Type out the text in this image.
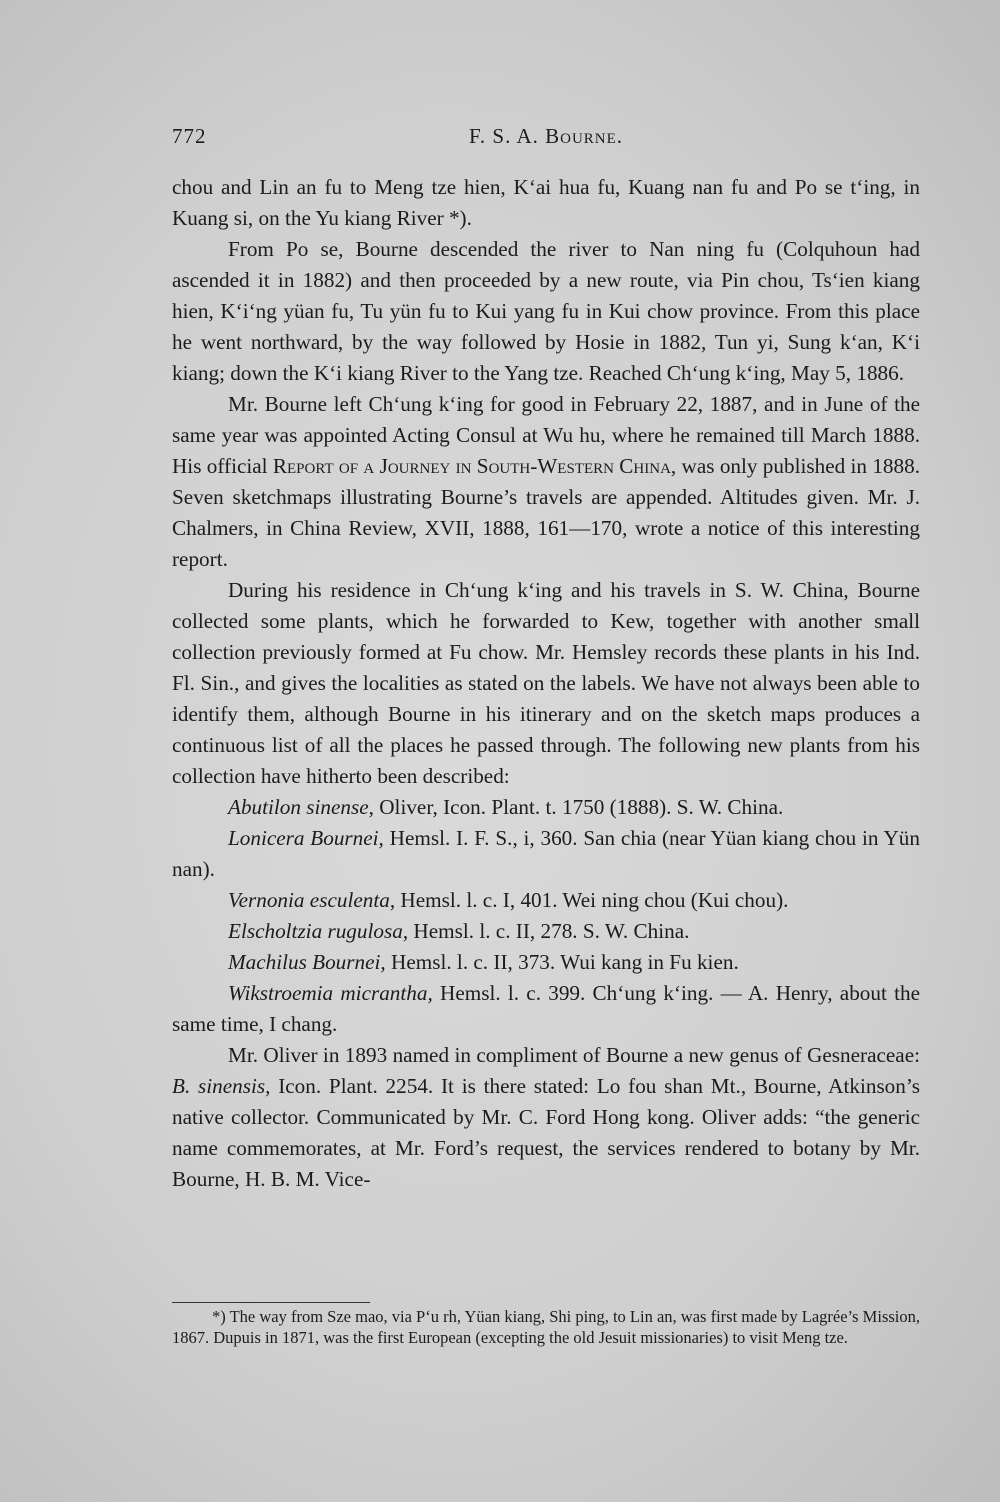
772	F. S. A. Bourne.

chou and Lin an fu to Meng tze hien, K‘ai hua fu, Kuang nan fu and Po se t‘ing, in Kuang si, on the Yu kiang River *).

From Po se, Bourne descended the river to Nan ning fu (Colquhoun had ascended it in 1882) and then proceeded by a new route, via Pin chou, Ts‘ien kiang hien, K‘i‘ng yüan fu, Tu yün fu to Kui yang fu in Kui chow province. From this place he went northward, by the way followed by Hosie in 1882, Tun yi, Sung k‘an, K‘i kiang; down the K‘i kiang River to the Yang tze. Reached Ch‘ung k‘ing, May 5, 1886.

Mr. Bourne left Ch‘ung k‘ing for good in February 22, 1887, and in June of the same year was appointed Acting Consul at Wu hu, where he remained till March 1888. His official Report of a Journey in South-Western China, was only published in 1888. Seven sketchmaps illustrating Bourne’s travels are appended. Altitudes given. Mr. J. Chalmers, in China Review, XVII, 1888, 161—170, wrote a notice of this interesting report.

During his residence in Ch‘ung k‘ing and his travels in S. W. China, Bourne collected some plants, which he forwarded to Kew, together with another small collection previously formed at Fu chow. Mr. Hemsley records these plants in his Ind. Fl. Sin., and gives the localities as stated on the labels. We have not always been able to identify them, although Bourne in his itinerary and on the sketch maps produces a continuous list of all the places he passed through. The following new plants from his collection have hitherto been described:

Abutilon sinense, Oliver, Icon. Plant. t. 1750 (1888). S. W. China.

Lonicera Bournei, Hemsl. I. F. S., i, 360. San chia (near Yüan kiang chou in Yün nan).

Vernonia esculenta, Hemsl. l. c. I, 401. Wei ning chou (Kui chou).

Elscholtzia rugulosa, Hemsl. l. c. II, 278. S. W. China.

Machilus Bournei, Hemsl. l. c. II, 373. Wui kang in Fu kien.

Wikstroemia micrantha, Hemsl. l. c. 399. Ch‘ung k‘ing. — A. Henry, about the same time, I chang.

Mr. Oliver in 1893 named in compliment of Bourne a new genus of Gesneraceae: B. sinensis, Icon. Plant. 2254. It is there stated: Lo fou shan Mt., Bourne, Atkinson’s native collector. Communicated by Mr. C. Ford Hong kong. Oliver adds: “the generic name commemorates, at Mr. Ford’s request, the services rendered to botany by Mr. Bourne, H. B. M. Vice-

*) The way from Sze mao, via P‘u rh, Yüan kiang, Shi ping, to Lin an, was first made by Lagrée’s Mission, 1867. Dupuis in 1871, was the first European (excepting the old Jesuit missionaries) to visit Meng tze.
